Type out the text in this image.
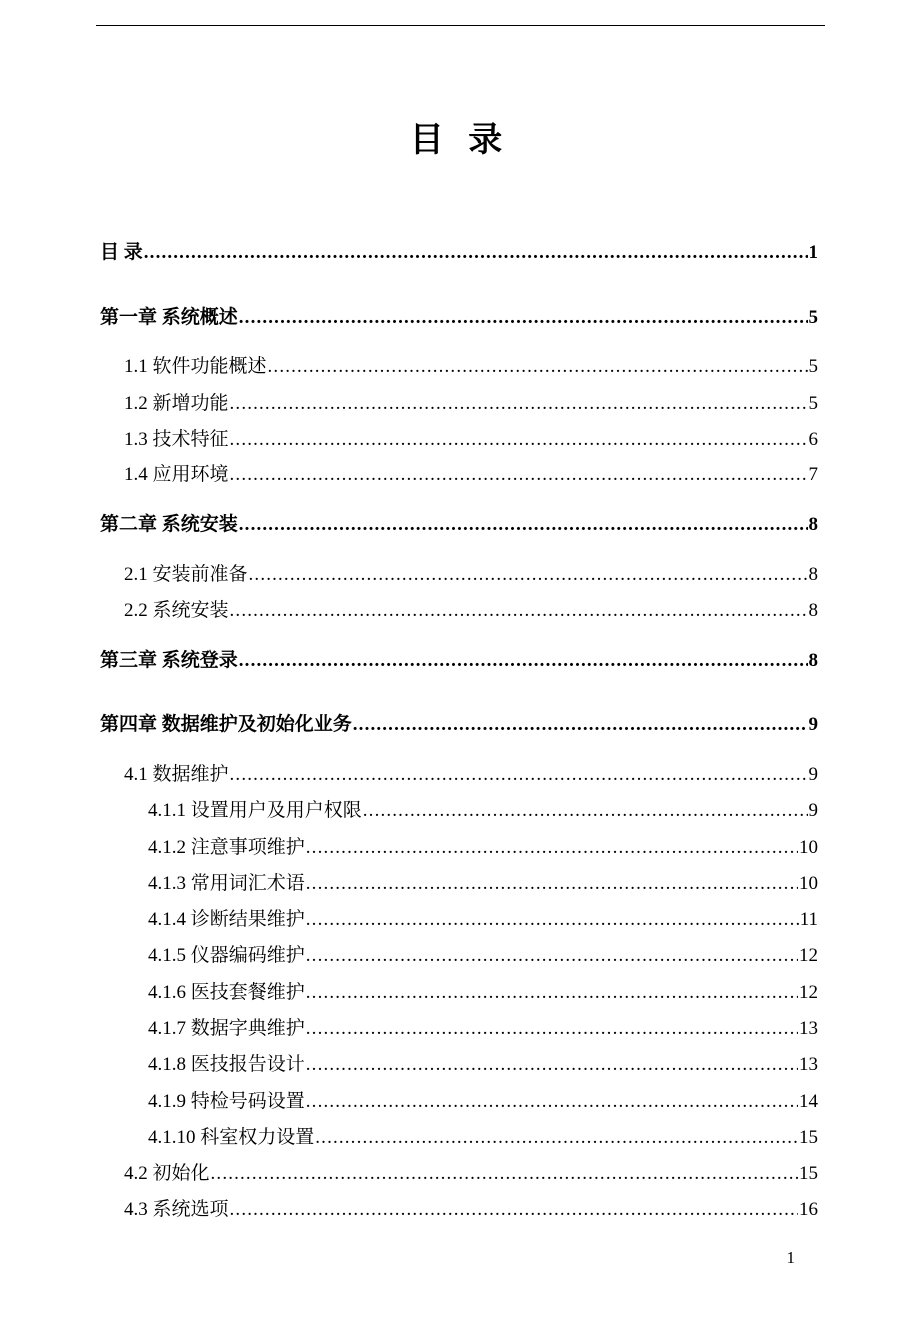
目 录
目 录 . . .	1
第一章 系统概述 . . .	5
1.1 软件功能概述 . . .	5
1.2 新增功能 . . .	5
1.3 技术特征 . . .	6
1.4 应用环境 . . .	7
第二章 系统安装 . . .	8
2.1 安装前准备 . . .	8
2.2 系统安装 . . .	8
第三章 系统登录 . . .	8
第四章 数据维护及初始化业务 . . .	9
4.1 数据维护 . . .	9
4.1.1 设置用户及用户权限 . . .	9
4.1.2 注意事项维护 . . .	10
4.1.3 常用词汇术语 . . .	10
4.1.4 诊断结果维护 . . .	11
4.1.5 仪器编码维护 . . .	12
4.1.6 医技套餐维护 . . .	12
4.1.7 数据字典维护 . . .	13
4.1.8 医技报告设计 . . .	13
4.1.9 特检号码设置 . . .	14
4.1.10 科室权力设置 . . .	15
4.2 初始化 . . .	15
4.3 系统选项 . . .	16
1
